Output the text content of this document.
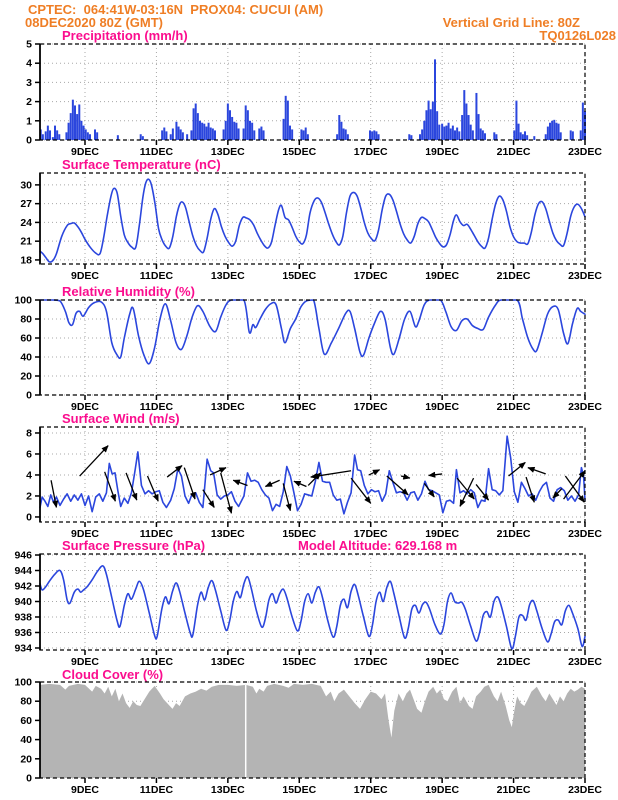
CPTEC:  064:41W-03:16N  PROX04: CUCUI (AM)
08DEC2020 80Z (GMT)	Vertical Grid Line: 80Z
TQ0126L028
Precipitation (mm/h)
Surface Temperature (nC)
Relative Humidity (%)
Surface Wind (m/s)
Surface Pressure (hPa)	Model Altitude: 629.168 m
Cloud Cover (%)
0
1
2
3
4
5
9DEC	11DEC	13DEC	15DEC	17DEC	19DEC	21DEC	23DEC
18
21
24
27
30
9DEC	11DEC	13DEC	15DEC	17DEC	19DEC	21DEC	23DEC
0
20
40
60
80
100
9DEC	11DEC	13DEC	15DEC	17DEC	19DEC	21DEC	23DEC
0
2
4
6
8
9DEC	11DEC	13DEC	15DEC	17DEC	19DEC	21DEC	23DEC
934
936
938
940
942
944
946
9DEC	11DEC	13DEC	15DEC	17DEC	19DEC	21DEC	23DEC
0
20
40
60
80
100
9DEC	11DEC	13DEC	15DEC	17DEC	19DEC	21DEC	23DEC
